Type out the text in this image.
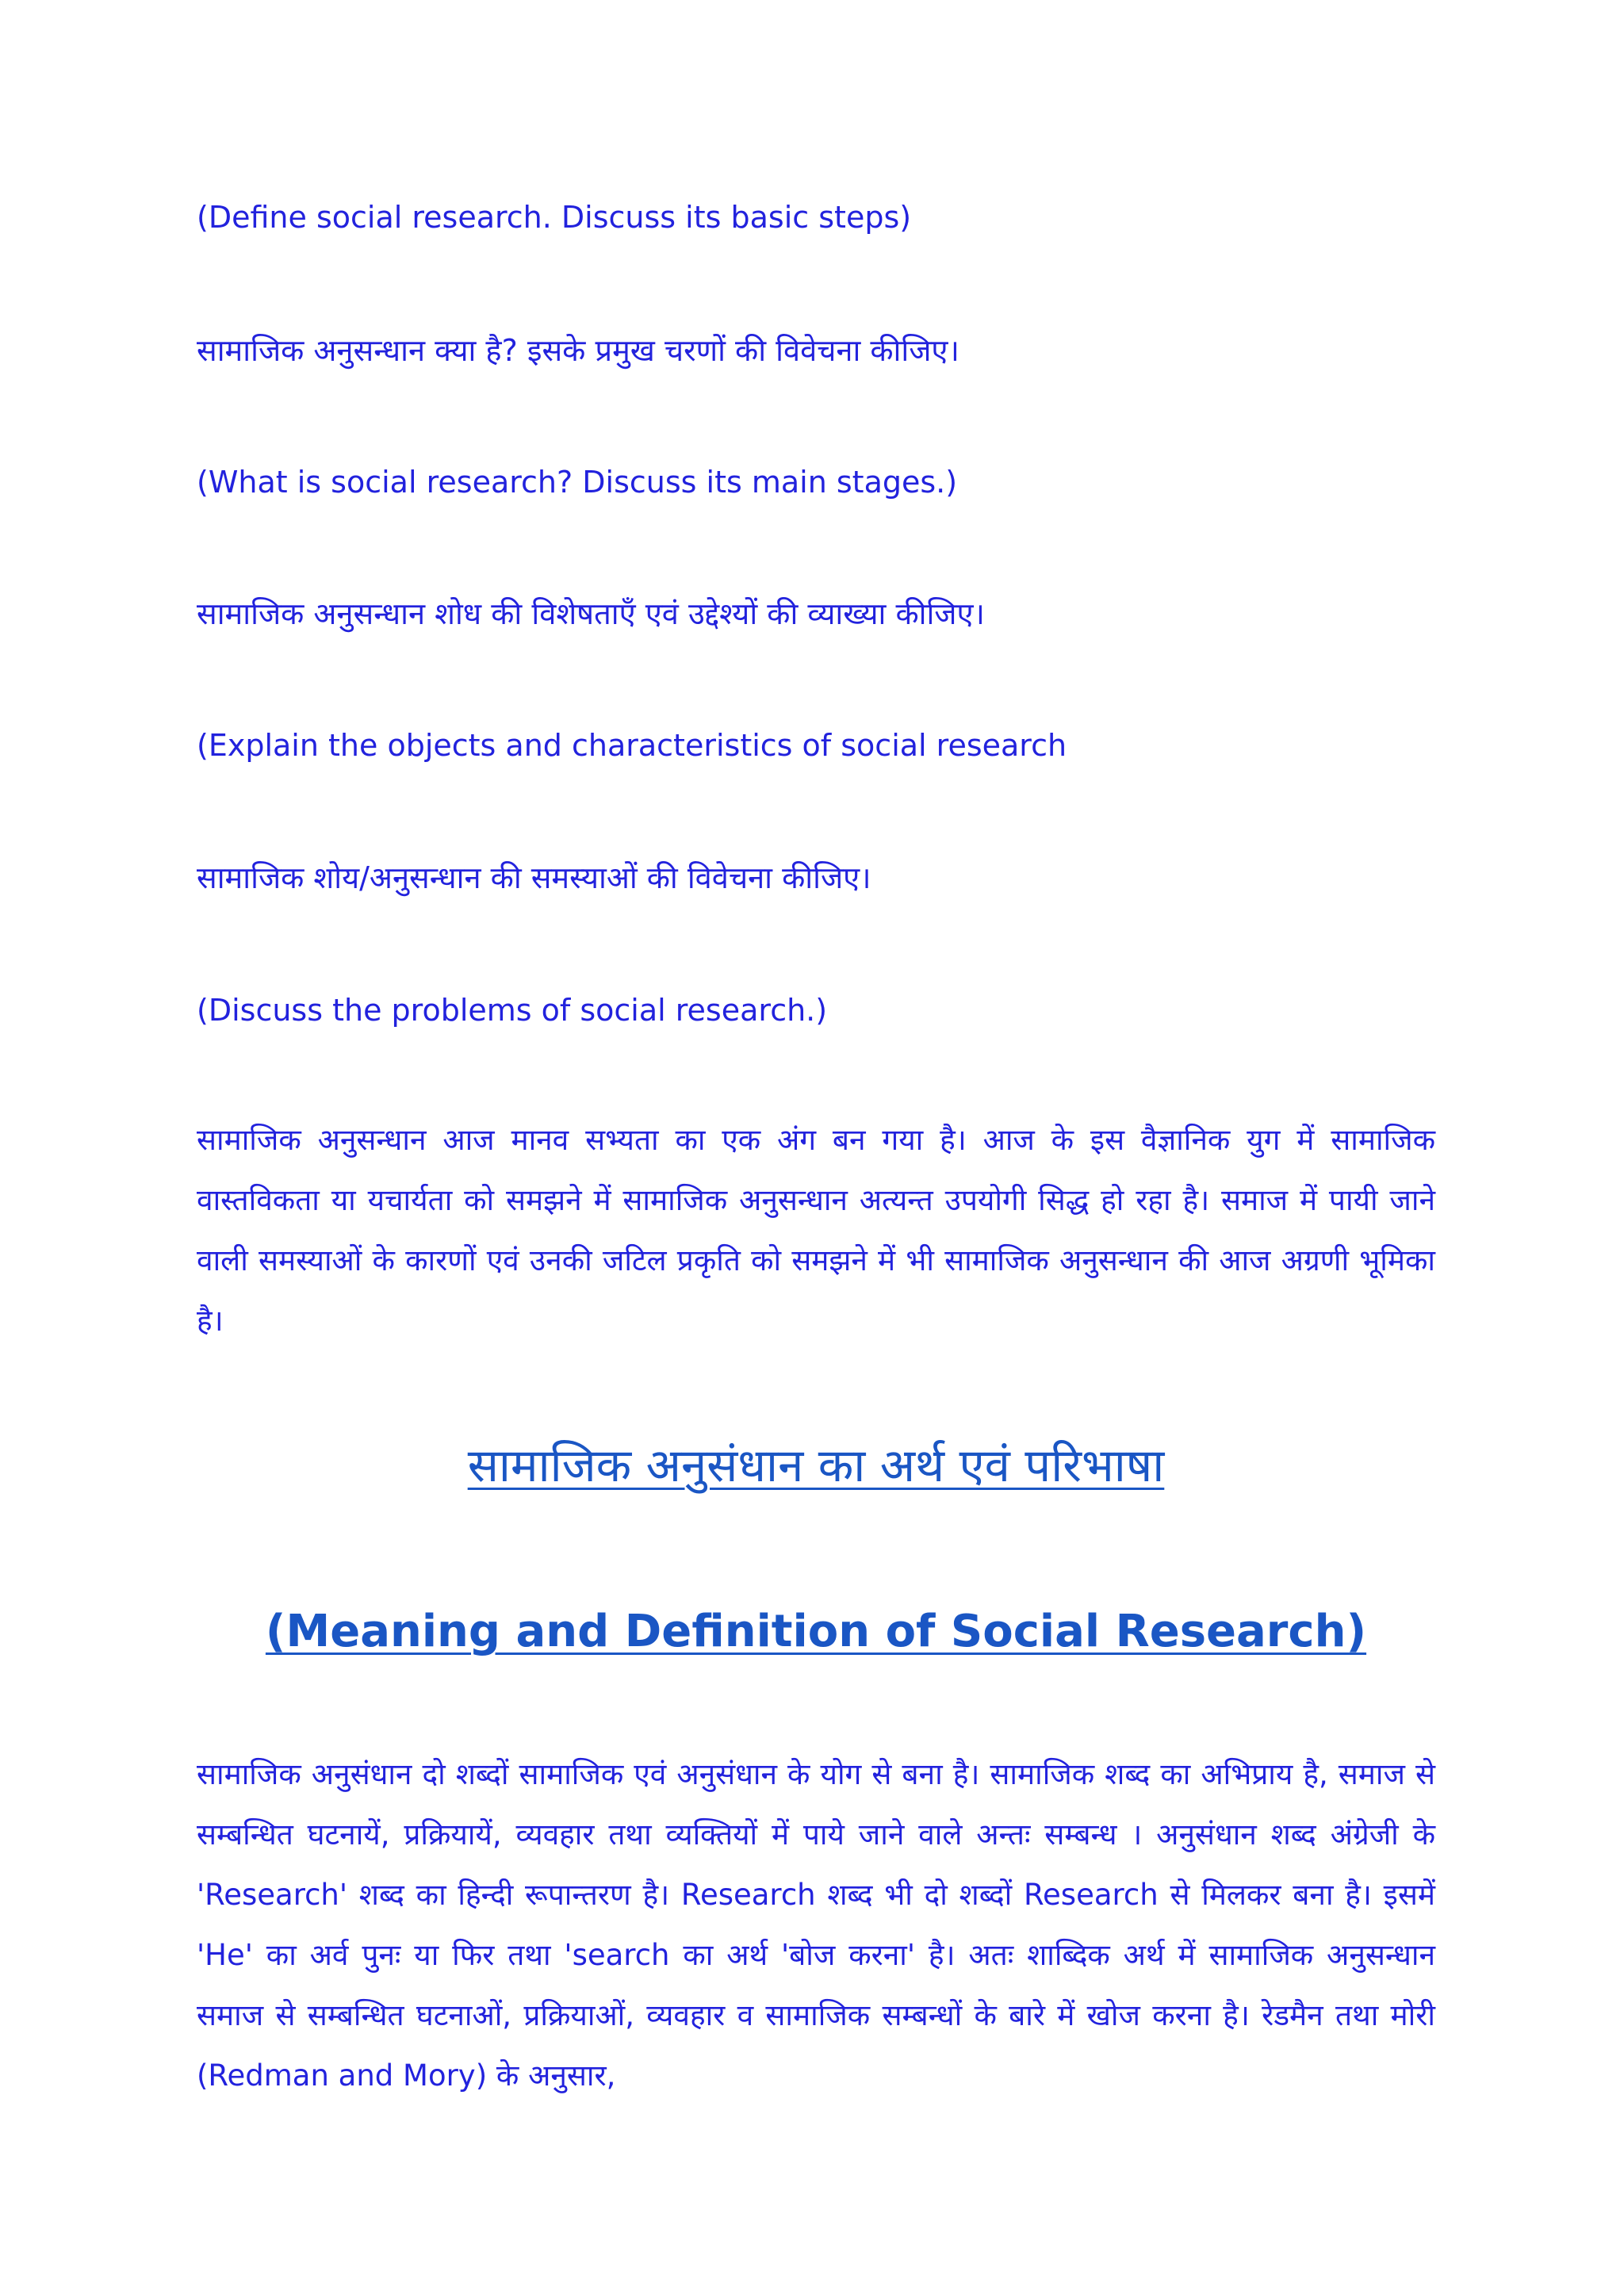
(Define social research. Discuss its basic steps)
सामाजिक अनुसन्धान क्या है? इसके प्रमुख चरणों की विवेचना कीजिए।
(What is social research? Discuss its main stages.)
सामाजिक अनुसन्धान शोध की विशेषताएँ एवं उद्देश्यों की व्याख्या कीजिए।
(Explain the objects and characteristics of social research
सामाजिक शोय/अनुसन्धान की समस्याओं की विवेचना कीजिए।
(Discuss the problems of social research.)
सामाजिक अनुसन्धान आज मानव सभ्यता का एक अंग बन गया है। आज के इस वैज्ञानिक युग में सामाजिक वास्तविकता या यचार्यता को समझने में सामाजिक अनुसन्धान अत्यन्त उपयोगी सिद्ध हो रहा है। समाज में पायी जाने वाली समस्याओं के कारणों एवं उनकी जटिल प्रकृति को समझने में भी सामाजिक अनुसन्धान की आज अग्रणी भूमिका है।
सामाजिक अनुसंधान का अर्थ एवं परिभाषा
(Meaning and Definition of Social Research)
सामाजिक अनुसंधान दो शब्दों सामाजिक एवं अनुसंधान के योग से बना है। सामाजिक शब्द का अभिप्राय है, समाज से सम्बन्धित घटनायें, प्रक्रियायें, व्यवहार तथा व्यक्तियों में पाये जाने वाले अन्तः सम्बन्ध । अनुसंधान शब्द अंग्रेजी के 'Research' शब्द का हिन्दी रूपान्तरण है। Research शब्द भी दो शब्दों Research से मिलकर बना है। इसमें 'He' का अर्व पुनः या फिर तथा 'search का अर्थ 'बोज करना' है। अतः शाब्दिक अर्थ में सामाजिक अनुसन्धान समाज से सम्बन्धित घटनाओं, प्रक्रियाओं, व्यवहार व सामाजिक सम्बन्धों के बारे में खोज करना है। रेडमैन तथा मोरी (Redman and Mory) के अनुसार,
